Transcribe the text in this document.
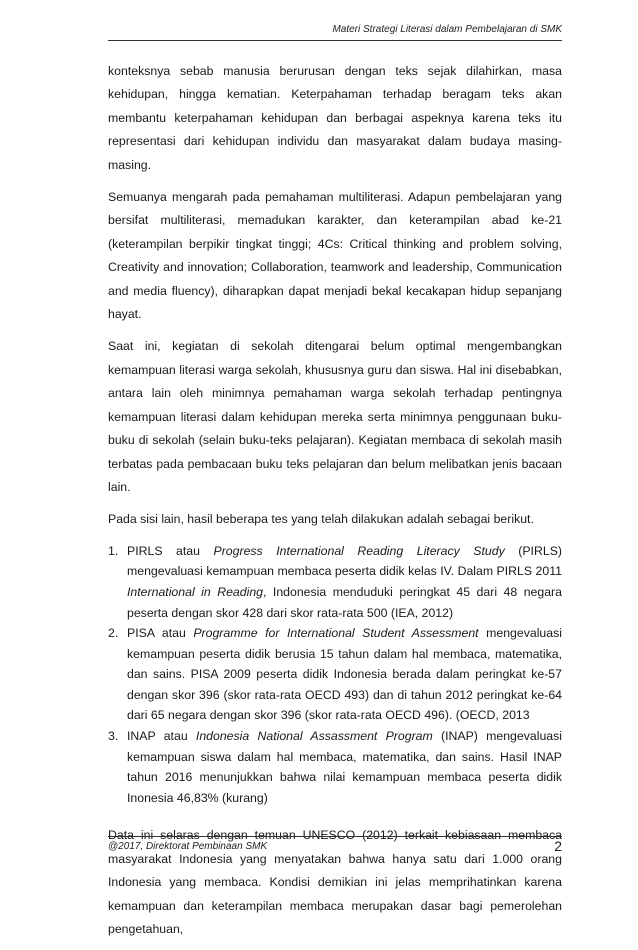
Materi Strategi Literasi dalam Pembelajaran di SMK

konteksnya sebab manusia berurusan dengan teks sejak dilahirkan, masa kehidupan, hingga kematian. Keterpahaman terhadap beragam teks akan membantu keterpahaman kehidupan dan berbagai aspeknya karena teks itu representasi dari kehidupan individu dan masyarakat dalam budaya masing-masing.

Semuanya mengarah pada pemahaman multiliterasi. Adapun pembelajaran yang bersifat multiliterasi, memadukan karakter, dan keterampilan abad ke-21 (keterampilan berpikir tingkat tinggi; 4Cs: Critical thinking and problem solving, Creativity and innovation; Collaboration, teamwork and leadership, Communication and media fluency), diharapkan dapat menjadi bekal kecakapan hidup sepanjang hayat.

Saat ini, kegiatan di sekolah ditengarai belum optimal mengembangkan kemampuan literasi warga sekolah, khususnya guru dan siswa. Hal ini disebabkan, antara lain oleh minimnya pemahaman warga sekolah terhadap pentingnya kemampuan literasi dalam kehidupan mereka serta minimnya penggunaan buku-buku di sekolah (selain buku-teks pelajaran). Kegiatan membaca di sekolah masih terbatas pada pembacaan buku teks pelajaran dan belum melibatkan jenis bacaan lain.

Pada sisi lain, hasil beberapa tes yang telah dilakukan adalah sebagai berikut.

1. PIRLS atau Progress International Reading Literacy Study (PIRLS) mengevaluasi kemampuan membaca peserta didik kelas IV. Dalam PIRLS 2011 International in Reading, Indonesia menduduki peringkat 45 dari 48 negara peserta dengan skor 428 dari skor rata-rata 500 (IEA, 2012)
2. PISA atau Programme for International Student Assessment mengevaluasi kemampuan peserta didik berusia 15 tahun dalam hal membaca, matematika, dan sains. PISA 2009 peserta didik Indonesia berada dalam peringkat ke-57 dengan skor 396 (skor rata-rata OECD 493) dan di tahun 2012 peringkat ke-64 dari 65 negara dengan skor 396 (skor rata-rata OECD 496). (OECD, 2013
3. INAP atau Indonesia National Assassment Program (INAP) mengevaluasi kemampuan siswa dalam hal membaca, matematika, dan sains. Hasil INAP tahun 2016 menunjukkan bahwa nilai kemampuan membaca peserta didik Inonesia 46,83% (kurang)

Data ini selaras dengan temuan UNESCO (2012) terkait kebiasaan membaca masyarakat Indonesia yang menyatakan bahwa hanya satu dari 1.000 orang Indonesia yang membaca. Kondisi demikian ini jelas memprihatinkan karena kemampuan dan keterampilan membaca merupakan dasar bagi pemerolehan pengetahuan,

@2017, Direktorat Pembinaan SMK	2
